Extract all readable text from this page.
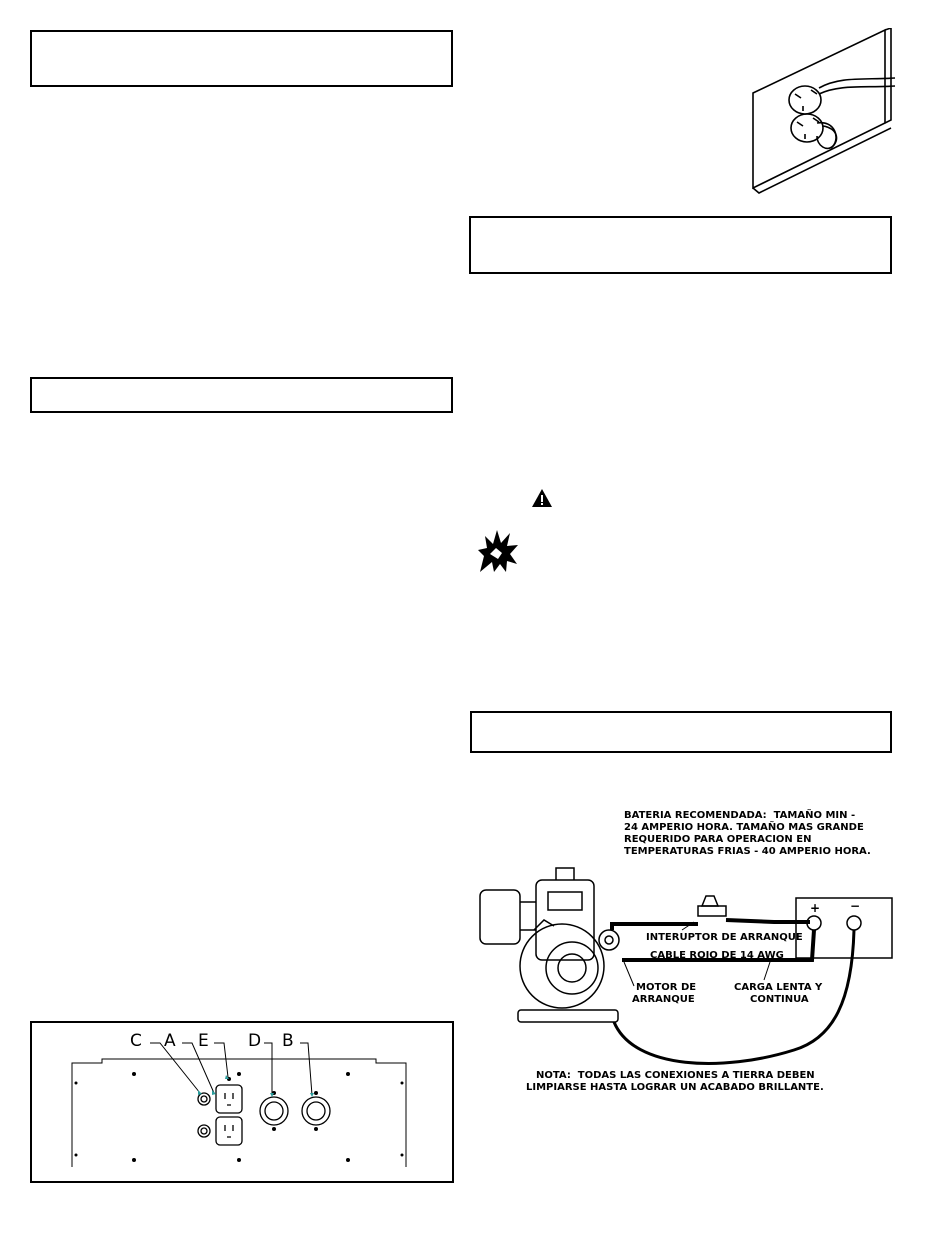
BATERIA RECOMENDADA:  TAMAÑO MIN -
24 AMPERIO HORA. TAMAÑO MAS GRANDE
REQUERIDO PARA OPERACION EN
TEMPERATURAS FRIAS - 40 AMPERIO HORA.
INTERUPTOR DE ARRANQUE
CABLE ROJO DE 14 AWG
MOTOR DE
ARRANQUE
CARGA LENTA Y
CONTINUA
+ −
NOTA:  TODAS LAS CONEXIONES A TIERRA DEBEN
LIMPIARSE HASTA LOGRAR UN ACABADO BRILLANTE.
C A E D B
